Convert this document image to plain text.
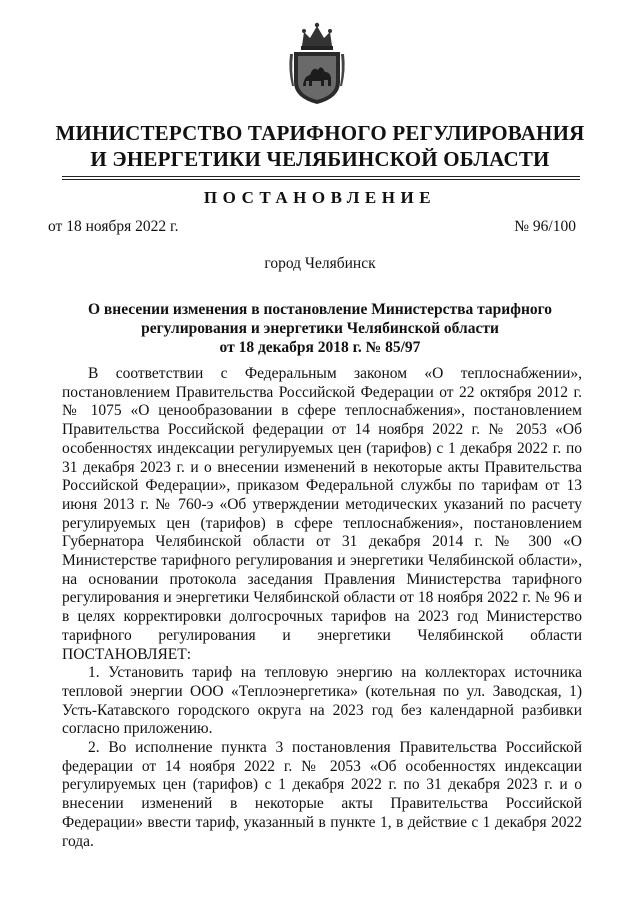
МИНИСТЕРСТВО ТАРИФНОГО РЕГУЛИРОВАНИЯ
И ЭНЕРГЕТИКИ ЧЕЛЯБИНСКОЙ ОБЛАСТИ
ПОСТАНОВЛЕНИЕ
от 18 ноября 2022 г.	№ 96/100
город Челябинск
О внесении изменения в постановление Министерства тарифного
регулирования и энергетики Челябинской области
от 18 декабря 2018 г. № 85/97

В соответствии с Федеральным законом «О теплоснабжении», постановлением Правительства Российской Федерации от 22 октября 2012 г. № 1075 «О ценообразовании в сфере теплоснабжения», постановлением Правительства Российской федерации от 14 ноября 2022 г. № 2053 «Об особенностях индексации регулируемых цен (тарифов) с 1 декабря 2022 г. по 31 декабря 2023 г. и о внесении изменений в некоторые акты Правительства Российской Федерации», приказом Федеральной службы по тарифам от 13 июня 2013 г. № 760-э «Об утверждении методических указаний по расчету регулируемых цен (тарифов) в сфере теплоснабжения», постановлением Губернатора Челябинской области от 31 декабря 2014 г. № 300 «О Министерстве тарифного регулирования и энергетики Челябинской области», на основании протокола заседания Правления Министерства тарифного регулирования и энергетики Челябинской области от 18 ноября 2022 г. № 96 и в целях корректировки долгосрочных тарифов на 2023 год Министерство тарифного регулирования и энергетики Челябинской области ПОСТАНОВЛЯЕТ:

1. Установить тариф на тепловую энергию на коллекторах источника тепловой энергии ООО «Теплоэнергетика» (котельная по ул. Заводская, 1) Усть-Катавского городского округа на 2023 год без календарной разбивки согласно приложению.

2. Во исполнение пункта 3 постановления Правительства Российской федерации от 14 ноября 2022 г. № 2053 «Об особенностях индексации регулируемых цен (тарифов) с 1 декабря 2022 г. по 31 декабря 2023 г. и о внесении изменений в некоторые акты Правительства Российской Федерации» ввести тариф, указанный в пункте 1, в действие с 1 декабря 2022 года.
